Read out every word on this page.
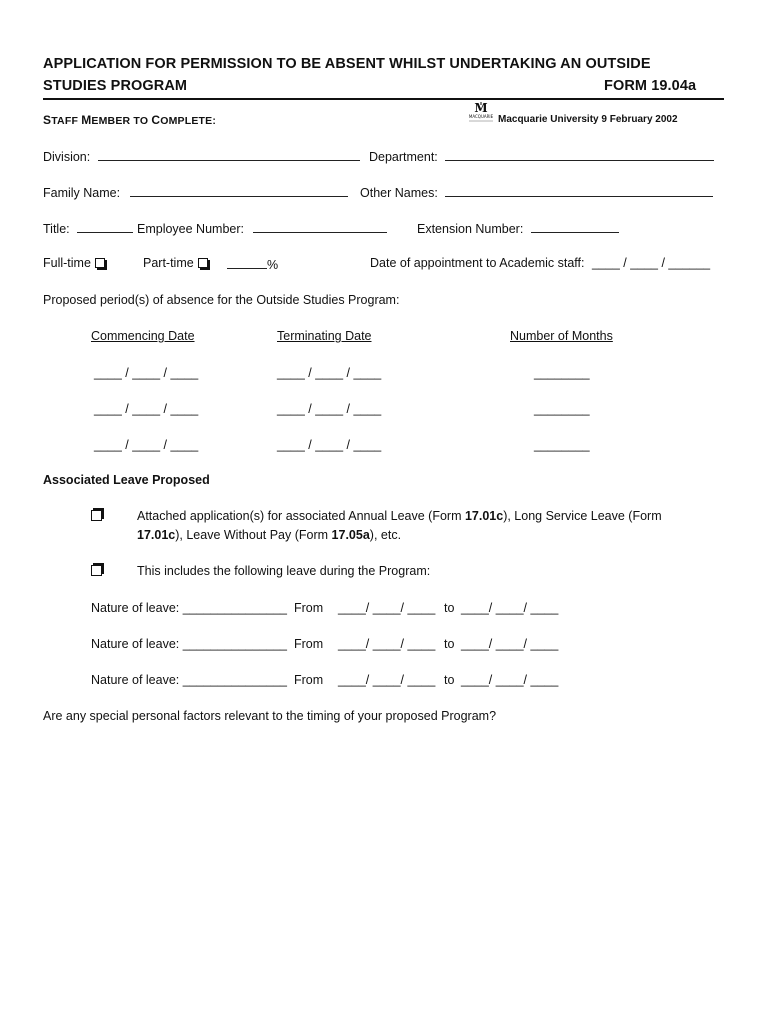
APPLICATION FOR PERMISSION TO BE ABSENT WHILST UNDERTAKING AN OUTSIDE
STUDIES PROGRAM	FORM 19.04a
STAFF MEMBER TO COMPLETE:
M
MACQUARIE Macquarie University 9 February 2002
Division:	Department:
Family Name:	Other Names:
Title:	Employee Number:	Extension Number:
Full-time	Part-time	%	Date of appointment to Academic staff: ____ / ____ / ______
Proposed period(s) of absence for the Outside Studies Program:
Commencing Date	Terminating Date	Number of Months
____ / ____ / ____	____ / ____ / ____	________
____ / ____ / ____	____ / ____ / ____	________
____ / ____ / ____	____ / ____ / ____	________
Associated Leave Proposed
Attached application(s) for associated Annual Leave (Form 17.01c), Long Service Leave (Form
17.01c), Leave Without Pay (Form 17.05a), etc.
This includes the following leave during the Program:
Nature of leave: _______________ From ____/ ____/ ____ to ____/ ____/ ____
Nature of leave: _______________ From ____/ ____/ ____ to ____/ ____/ ____
Nature of leave: _______________ From ____/ ____/ ____ to ____/ ____/ ____
Are any special personal factors relevant to the timing of your proposed Program?
